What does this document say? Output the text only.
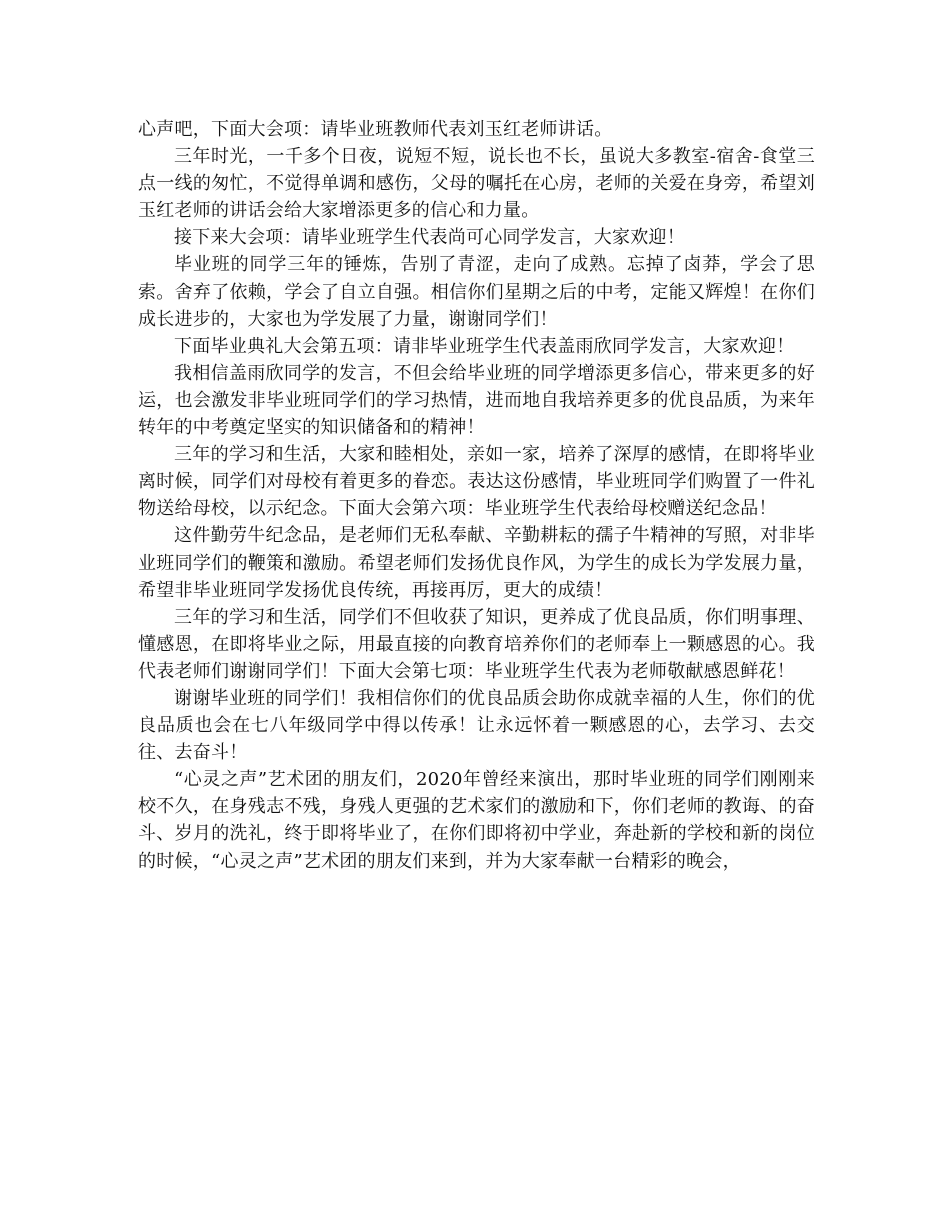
心声吧，下面大会项：请毕业班教师代表刘玉红老师讲话。

三年时光，一千多个日夜，说短不短，说长也不长，虽说大多教室-宿舍-食堂三点一线的匆忙，不觉得单调和感伤，父母的嘱托在心房，老师的关爱在身旁，希望刘玉红老师的讲话会给大家增添更多的信心和力量。

接下来大会项：请毕业班学生代表尚可心同学发言，大家欢迎！

毕业班的同学三年的锤炼，告别了青涩，走向了成熟。忘掉了卤莽，学会了思索。舍弃了依赖，学会了自立自强。相信你们星期之后的中考，定能又辉煌！在你们成长进步的，大家也为学发展了力量，谢谢同学们！

下面毕业典礼大会第五项：请非毕业班学生代表盖雨欣同学发言，大家欢迎！

我相信盖雨欣同学的发言，不但会给毕业班的同学增添更多信心，带来更多的好运，也会激发非毕业班同学们的学习热情，进而地自我培养更多的优良品质，为来年转年的中考奠定坚实的知识储备和的精神！

三年的学习和生活，大家和睦相处，亲如一家，培养了深厚的感情，在即将毕业离时候，同学们对母校有着更多的眷恋。表达这份感情，毕业班同学们购置了一件礼物送给母校，以示纪念。下面大会第六项：毕业班学生代表给母校赠送纪念品！

这件勤劳牛纪念品，是老师们无私奉献、辛勤耕耘的孺子牛精神的写照，对非毕业班同学们的鞭策和激励。希望老师们发扬优良作风，为学生的成长为学发展力量，希望非毕业班同学发扬优良传统，再接再厉，更大的成绩！

三年的学习和生活，同学们不但收获了知识，更养成了优良品质，你们明事理、懂感恩，在即将毕业之际，用最直接的向教育培养你们的老师奉上一颗感恩的心。我代表老师们谢谢同学们！下面大会第七项：毕业班学生代表为老师敬献感恩鲜花！

谢谢毕业班的同学们！我相信你们的优良品质会助你成就幸福的人生，你们的优良品质也会在七八年级同学中得以传承！让永远怀着一颗感恩的心，去学习、去交往、去奋斗！

“心灵之声”艺术团的朋友们，2020年曾经来演出，那时毕业班的同学们刚刚来校不久，在身残志不残，身残人更强的艺术家们的激励和下，你们老师的教诲、的奋斗、岁月的洗礼，终于即将毕业了，在你们即将初中学业，奔赴新的学校和新的岗位的时候，“心灵之声”艺术团的朋友们来到，并为大家奉献一台精彩的晚会，
